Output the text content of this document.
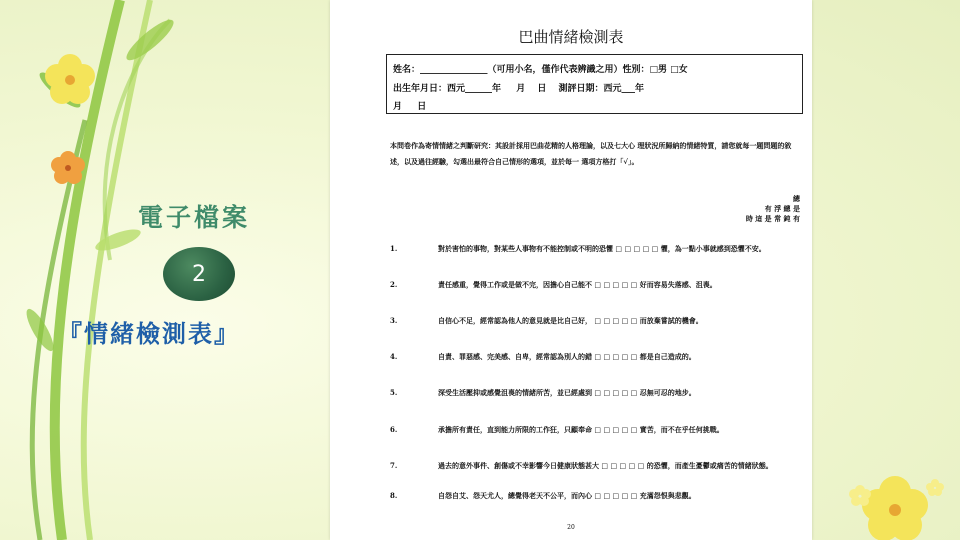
電子檔案
2
『情緒檢測表』
巴曲情緒檢測表
姓名：_______________（可用小名，僅作代表辨識之用）性別：□男 □女
出生年月日：西元______年 　 月 　日 　測評日期：西元___年
月 　 日
本問卷作為寄情情緒之判斷研究：其設計採用巴曲花精的人格理論，以及七大心 理狀況所歸納的情緒特質，請您就每一題問題的敘述，以及過往經驗，勾選出最符合自己情形的選項，並於每一 選項方格打「√」。
總
有 浮 總 是
時 這 是 常 鈍 有
1.	對於害怕的事物，對某些人事物有不能控制或不明的恐懼 □ □ □ □ □ 懼，為一點小事就感到恐懼不安。
2.	責任感重，覺得工作或是做不完，因擔心自己能不 □ □ □ □ □ 好而容易失落感、沮喪。
3.	自信心不足，經常認為他人的意見就是比自己好， □ □ □ □ □ 而放棄嘗試的機會。
4.	自責、罪惡感、完美感、自卑，經常認為別人的錯 □ □ □ □ □ 都是自己造成的。
5.	深受生活壓抑或感覺沮喪的情緒所苦，並已經處到 □ □ □ □ □ 忍無可忍的地步。
6.	承擔所有責任，直到能力所限的工作狂，只顧奉命 □ □ □ □ □ 實苦，而不在乎任何挑戰。
7.	過去的意外事件、創傷或不幸影響今日健康狀態甚大 □ □ □ □ □ 的恐懼，而產生憂鬱或痛苦的情緒狀態。
8.	自怨自艾、怨天尤人，總覺得老天不公平，而內心 □ □ □ □ □ 充滿怨恨與悲觀。
20
